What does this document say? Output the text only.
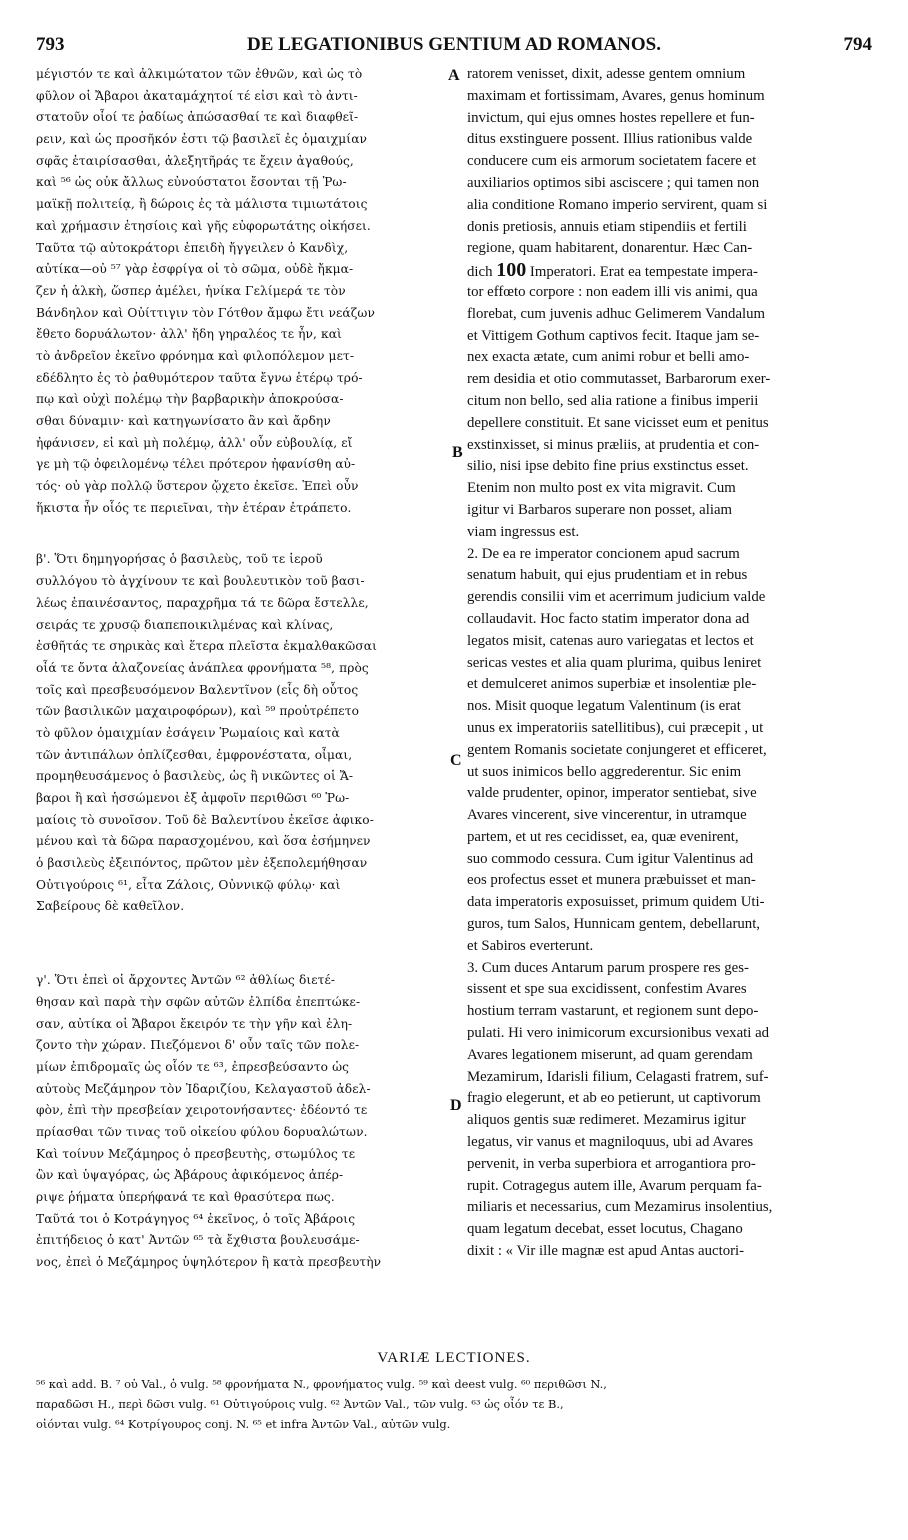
793	DE LEGATIONIBUS GENTIUM AD ROMANOS.	794
A
B
C
D
μέγιστόν τε καὶ ἀλκιμώτατον τῶν ἐθνῶν, καὶ ὡς τὸ
φῦλον οἱ Ἄβαροι ἀκαταμάχητοί τέ εἰσι καὶ τὸ ἀντι-
στατοῦν οἷοί τε ῥαδίως ἀπώσασθαί τε καὶ διαφθεῖ-
ρειν, καὶ ὡς προσῆκόν ἐστι τῷ βασιλεῖ ἐς ὁμαιχμίαν
σφᾶς ἑταιρίσασθαι, ἀλεξητῆράς τε ἔχειν ἀγαθούς,
καὶ ⁵⁶ ὡς οὐκ ἄλλως εὐνούστατοι ἔσονται τῇ Ῥω-
μαϊκῇ πολιτείᾳ, ἢ δώροις ἐς τὰ μάλιστα τιμιωτάτοις
καὶ χρήμασιν ἐτησίοις καὶ γῆς εὐφορωτάτης οἰκήσει.
Ταῦτα τῷ αὐτοκράτορι ἐπειδὴ ἤγγειλεν ὁ Κανδὶχ,
αὐτίκα—οὐ ⁵⁷ γὰρ ἐσφρίγα οἱ τὸ σῶμα, οὐδὲ ἤκμα-
ζεν ἡ ἀλκὴ, ὥσπερ ἀμέλει, ἡνίκα Γελίμερά τε τὸν
Βάνδηλον καὶ Οὐίττιγιν τὸν Γότθον ἄμφω ἔτι νεάζων
ἔθετο δορυάλωτον· ἀλλ' ἤδη γηραλέος τε ἦν, καὶ
τὸ ἀνδρεῖον ἐκεῖνο φρόνημα καὶ φιλοπόλεμον μετ-
εδέδλητο ἐς τὸ ῥαθυμότερον ταῦτα ἔγνω ἑτέρῳ τρό-
πῳ καὶ οὐχὶ πολέμῳ τὴν βαρβαρικὴν ἀποκρούσα-
σθαι δύναμιν· καὶ κατηγωνίσατο ἂν καὶ ἄρδην
ἠφάνισεν, εἰ καὶ μὴ πολέμῳ, ἀλλ' οὖν εὐβουλίᾳ, εἴ
γε μὴ τῷ ὀφειλομένῳ τέλει πρότερον ἠφανίσθη αὐ-
τός· οὐ γὰρ πολλῷ ὕστερον ᾤχετο ἐκεῖσε. Ἐπεὶ οὖν
ἥκιστα ἦν οἷός τε περιεῖναι, τὴν ἑτέραν ἐτράπετο.
β'. Ὅτι δημηγορήσας ὁ βασιλεὺς, τοῦ τε ἱεροῦ
συλλόγου τὸ ἀγχίνουν τε καὶ βουλευτικὸν τοῦ βασι-
λέως ἐπαινέσαντος, παραχρῆμα τά τε δῶρα ἔστελλε,
σειράς τε χρυσῷ διαπεποικιλμένας καὶ κλίνας,
ἐσθῆτάς τε σηρικὰς καὶ ἕτερα πλεῖστα ἐκμαλθακῶσαι
οἷά τε ὄντα ἀλαζονείας ἀνάπλεα φρονήματα ⁵⁸, πρὸς
τοῖς καὶ πρεσβευσόμενον Βαλεντῖνον (εἷς δὴ οὗτος
τῶν βασιλικῶν μαχαιροφόρων), καὶ ⁵⁹ προὐτρέπετο
τὸ φῦλον ὁμαιχμίαν ἐσάγειν Ῥωμαίοις καὶ κατὰ
τῶν ἀντιπάλων ὁπλίζεσθαι, ἐμφρονέστατα, οἶμαι,
προμηθευσάμενος ὁ βασιλεὺς, ὡς ἢ νικῶντες οἱ Ἄ-
βαροι ἢ καὶ ἡσσώμενοι ἐξ ἀμφοῖν περιθῶσι ⁶⁰ Ῥω-
μαίοις τὸ συνοῖσον. Τοῦ δὲ Βαλεντίνου ἐκεῖσε ἀφικο-
μένου καὶ τὰ δῶρα παρασχομένου, καὶ ὅσα ἐσήμηνεν
ὁ βασιλεὺς ἐξειπόντος, πρῶτον μὲν ἐξεπολεμήθησαν
Οὐτιγούροις ⁶¹, εἶτα Ζάλοις, Οὐννικῷ φύλῳ· καὶ
Σαβείρους δὲ καθεῖλον.
γ'. Ὅτι ἐπεὶ οἱ ἄρχοντες Ἀντῶν ⁶² ἀθλίως διετέ-
θησαν καὶ παρὰ τὴν σφῶν αὐτῶν ἐλπίδα ἐπεπτώκε-
σαν, αὐτίκα οἱ Ἄβαροι ἔκειρόν τε τὴν γῆν καὶ ἐλη-
ζοντο τὴν χώραν. Πιεζόμενοι δ' οὖν ταῖς τῶν πολε-
μίων ἐπιδρομαῖς ὡς οἷόν τε ⁶³, ἐπρεσβεύσαντο ὡς
αὐτοὺς Μεζάμηρον τὸν Ἰδαριζίου, Κελαγαστοῦ ἀδελ-
φὸν, ἐπὶ τὴν πρεσβείαν χειροτονήσαντες· ἐδέοντό τε
πρίασθαι τῶν τινας τοῦ οἰκείου φύλου δορυαλώτων.
Καὶ τοίνυν Μεζάμηρος ὁ πρεσβευτὴς, στωμύλος τε
ὢν καὶ ὑψαγόρας, ὡς Ἀβάρους ἀφικόμενος ἀπέρ-
ριψε ῥήματα ὑπερήφανά τε καὶ θρασύτερα πως.
Ταῦτά τοι ὁ Κοτράγηγος ⁶⁴ ἐκεῖνος, ὁ τοῖς Ἀβάροις
ἐπιτήδειος ὁ κατ' Ἀντῶν ⁶⁵ τὰ ἔχθιστα βουλευσάμε-
νος, ἐπεὶ ὁ Μεζάμηρος ὑψηλότερον ἢ κατὰ πρεσβευτὴν
ratorem venisset, dixit, adesse gentem omnium
maximam et fortissimam, Avares, genus hominum
invictum, qui ejus omnes hostes repellere et fun-
ditus exstinguere possent. Illius rationibus valde
conducere cum eis armorum societatem facere et
auxiliarios optimos sibi asciscere ; qui tamen non
alia conditione Romano imperio servirent, quam si
donis pretiosis, annuis etiam stipendiis et fertili
regione, quam habitarent, donarentur. Hæc Can-
dich 100 Imperatori. Erat ea tempestate impera-
tor effœto corpore : non eadem illi vis animi, qua
florebat, cum juvenis adhuc Gelimerem Vandalum
et Vittigem Gothum captivos fecit. Itaque jam se-
nex exacta ætate, cum animi robur et belli amo-
rem desidia et otio commutasset, Barbarorum exer-
citum non bello, sed alia ratione a finibus imperii
depellere constituit. Et sane vicisset eum et penitus
exstinxisset, si minus præliis, at prudentia et con-
silio, nisi ipse debito fine prius exstinctus esset.
Etenim non multo post ex vita migravit. Cum
igitur vi Barbaros superare non posset, aliam
viam ingressus est.
2. De ea re imperator concionem apud sacrum
senatum habuit, qui ejus prudentiam et in rebus
gerendis consilii vim et acerrimum judicium valde
collaudavit. Hoc facto statim imperator dona ad
legatos misit, catenas auro variegatas et lectos et
sericas vestes et alia quam plurima, quibus leniret
et demulceret animos superbiæ et insolentiæ ple-
nos. Misit quoque legatum Valentinum (is erat
unus ex imperatoriis satellitibus), cui præcepit , ut
gentem Romanis societate conjungeret et efficeret,
ut suos inimicos bello aggrederentur. Sic enim
valde prudenter, opinor, imperator sentiebat, sive
Avares vincerent, sive vincerentur, in utramque
partem, et ut res cecidisset, ea, quæ evenirent,
suo commodo cessura. Cum igitur Valentinus ad
eos profectus esset et munera præbuisset et man-
data imperatoris exposuisset, primum quidem Uti-
guros, tum Salos, Hunnicam gentem, debellarunt,
et Sabiros everterunt.
3. Cum duces Antarum parum prospere res ges-
sissent et spe sua excidissent, confestim Avares
hostium terram vastarunt, et regionem sunt depo-
pulati. Hi vero inimicorum excursionibus vexati ad
Avares legationem miserunt, ad quam gerendam
Mezamirum, Idarisli filium, Celagasti fratrem, suf-
fragio elegerunt, et ab eo petierunt, ut captivorum
aliquos gentis suæ redimeret. Mezamirus igitur
legatus, vir vanus et magniloquus, ubi ad Avares
pervenit, in verba superbiora et arrogantiora pro-
rupit. Cotragegus autem ille, Avarum perquam fa-
miliaris et necessarius, cum Mezamirus insolentius,
quam legatum decebat, esset locutus, Chagano
dixit : « Vir ille magnæ est apud Antas auctori-
VARIÆ LECTIONES.
⁵⁶ καὶ add. B. ⁷ οὐ Val., ὁ vulg. ⁵⁸ φρονήματα N., φρονήματος vulg. ⁵⁹ καὶ deest vulg. ⁶⁰ περιθῶσι N.,
παραδῶσι H., περὶ δῶσι vulg. ⁶¹ Οὐτιγούροις vulg. ⁶² Ἀντῶν Val., τῶν vulg. ⁶³ ὡς οἷόν τε B.,
οἰόνται vulg. ⁶⁴ Κοτρίγουρος conj. N. ⁶⁵ et infra Ἀντῶν Val., αὐτῶν vulg.
